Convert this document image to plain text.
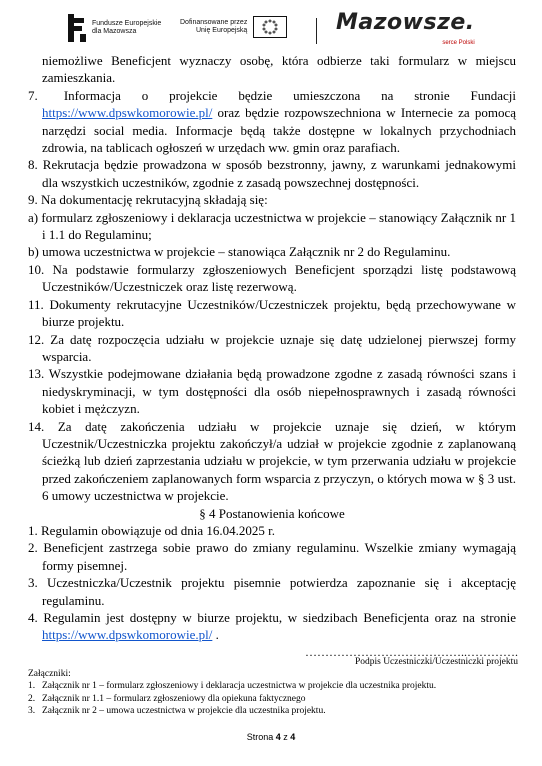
Fundusze Europejskie
dla Mazowsza
Dofinansowane przez
Unię Europejską	Mazowsze.
serce Polski

niemożliwe Beneficjent wyznaczy osobę, która odbierze taki formularz w miejscu zamieszkania.

7.     Informacja    o    projekcie    będzie    umieszczona    na    stronie    Fundacji https://www.dpswkomorowie.pl/ oraz będzie rozpowszechniona w Internecie za pomocą narzędzi social media. Informacje będą także dostępne w lokalnych przychodniach zdrowia, na tablicach ogłoszeń w urzędach ww. gmin oraz parafiach.

8. Rekrutacja będzie prowadzona w sposób bezstronny, jawny, z warunkami jednakowymi dla wszystkich uczestników, zgodnie z zasadą powszechnej dostępności.

9. Na dokumentację rekrutacyjną składają się:

a) formularz zgłoszeniowy i deklaracja uczestnictwa w projekcie – stanowiący Załącznik nr 1 i 1.1 do Regulaminu;

b) umowa uczestnictwa w projekcie – stanowiąca Załącznik nr 2 do Regulaminu.

10. Na podstawie formularzy zgłoszeniowych Beneficjent sporządzi listę podstawową Uczestników/Uczestniczek oraz listę rezerwową.

11. Dokumenty rekrutacyjne Uczestników/Uczestniczek projektu, będą przechowywane w biurze projektu.

12. Za datę rozpoczęcia udziału w projekcie uznaje się datę udzielonej pierwszej formy wsparcia.

13. Wszystkie podejmowane działania będą prowadzone zgodne z zasadą równości szans i niedyskryminacji, w tym dostępności dla osób niepełnosprawnych i zasadą równości kobiet i mężczyzn.

14. Za datę zakończenia udziału w projekcie uznaje się dzień, w którym Uczestnik/Uczestniczka projektu zakończył/a udział w projekcie zgodnie z zaplanowaną ścieżką lub dzień zaprzestania udziału w projekcie, w tym przerwania udziału w projekcie przed zakończeniem zaplanowanych form wsparcia z przyczyn, o których mowa w § 3 ust. 6 umowy uczestnictwa w projekcie.

§ 4 Postanowienia końcowe

1. Regulamin obowiązuje od dnia 16.04.2025 r.

2. Beneficjent zastrzega sobie prawo do zmiany regulaminu. Wszelkie zmiany wymagają formy pisemnej.

3. Uczestniczka/Uczestnik projektu pisemnie potwierdza zapoznanie się i akceptację regulaminu.

4. Regulamin jest dostępny w biurze projektu, w siedzibach Beneficjenta oraz na stronie https://www.dpswkomorowie.pl/ .

…………………………………..………….
Podpis Uczestniczki/Uczestniczki projektu
Załączniki:
1. Załącznik nr 1 – formularz zgłoszeniowy i deklaracja uczestnictwa w projekcie dla uczestnika projektu.
2. Załącznik nr 1.1 – formularz zgłoszeniowy dla opiekuna faktycznego
3. Załącznik nr 2 – umowa uczestnictwa w projekcie dla uczestnika projektu.
Strona 4 z 4
